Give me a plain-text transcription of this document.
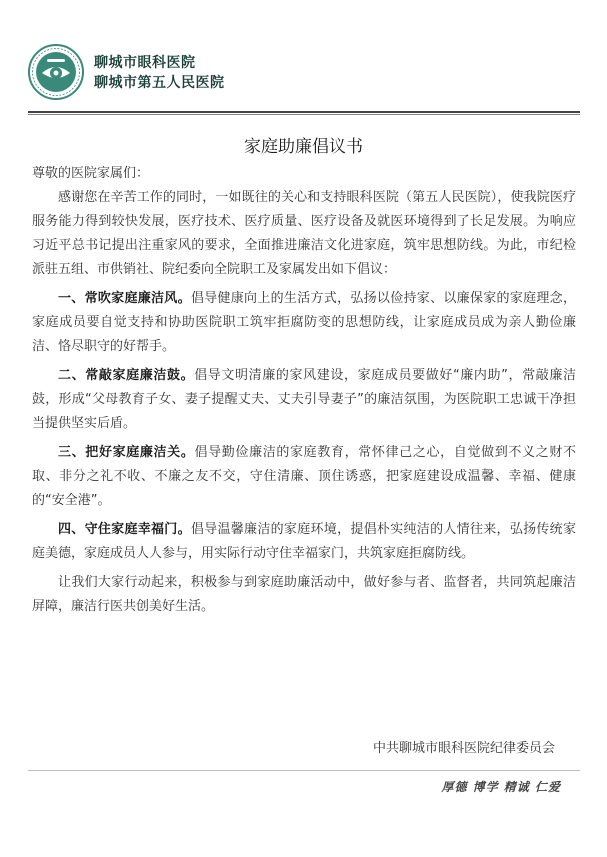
聊城市眼科医院
聊城市第五人民医院
家庭助廉倡议书

尊敬的医院家属们：

感谢您在辛苦工作的同时，一如既往的关心和支持眼科医院（第五人民医院），使我院医疗服务能力得到较快发展，医疗技术、医疗质量、医疗设备及就医环境得到了长足发展。为响应习近平总书记提出注重家风的要求，全面推进廉洁文化进家庭，筑牢思想防线。为此，市纪检派驻五组、市供销社、院纪委向全院职工及家属发出如下倡议：

一、常吹家庭廉洁风。倡导健康向上的生活方式，弘扬以俭持家、以廉保家的家庭理念，家庭成员要自觉支持和协助医院职工筑牢拒腐防变的思想防线，让家庭成员成为亲人勤俭廉洁、恪尽职守的好帮手。

二、常敲家庭廉洁鼓。倡导文明清廉的家风建设，家庭成员要做好“廉内助”，常敲廉洁鼓，形成“父母教育子女、妻子提醒丈夫、丈夫引导妻子”的廉洁氛围，为医院职工忠诚干净担当提供坚实后盾。

三、把好家庭廉洁关。倡导勤俭廉洁的家庭教育，常怀律己之心，自觉做到不义之财不取、非分之礼不收、不廉之友不交，守住清廉、顶住诱惑，把家庭建设成温馨、幸福、健康的“安全港”。

四、守住家庭幸福门。倡导温馨廉洁的家庭环境，提倡朴实纯洁的人情往来，弘扬传统家庭美德，家庭成员人人参与，用实际行动守住幸福家门，共筑家庭拒腐防线。

让我们大家行动起来，积极参与到家庭助廉活动中，做好参与者、监督者，共同筑起廉洁屏障，廉洁行医共创美好生活。

中共聊城市眼科医院纪律委员会
厚德 博学 精诚 仁爱
